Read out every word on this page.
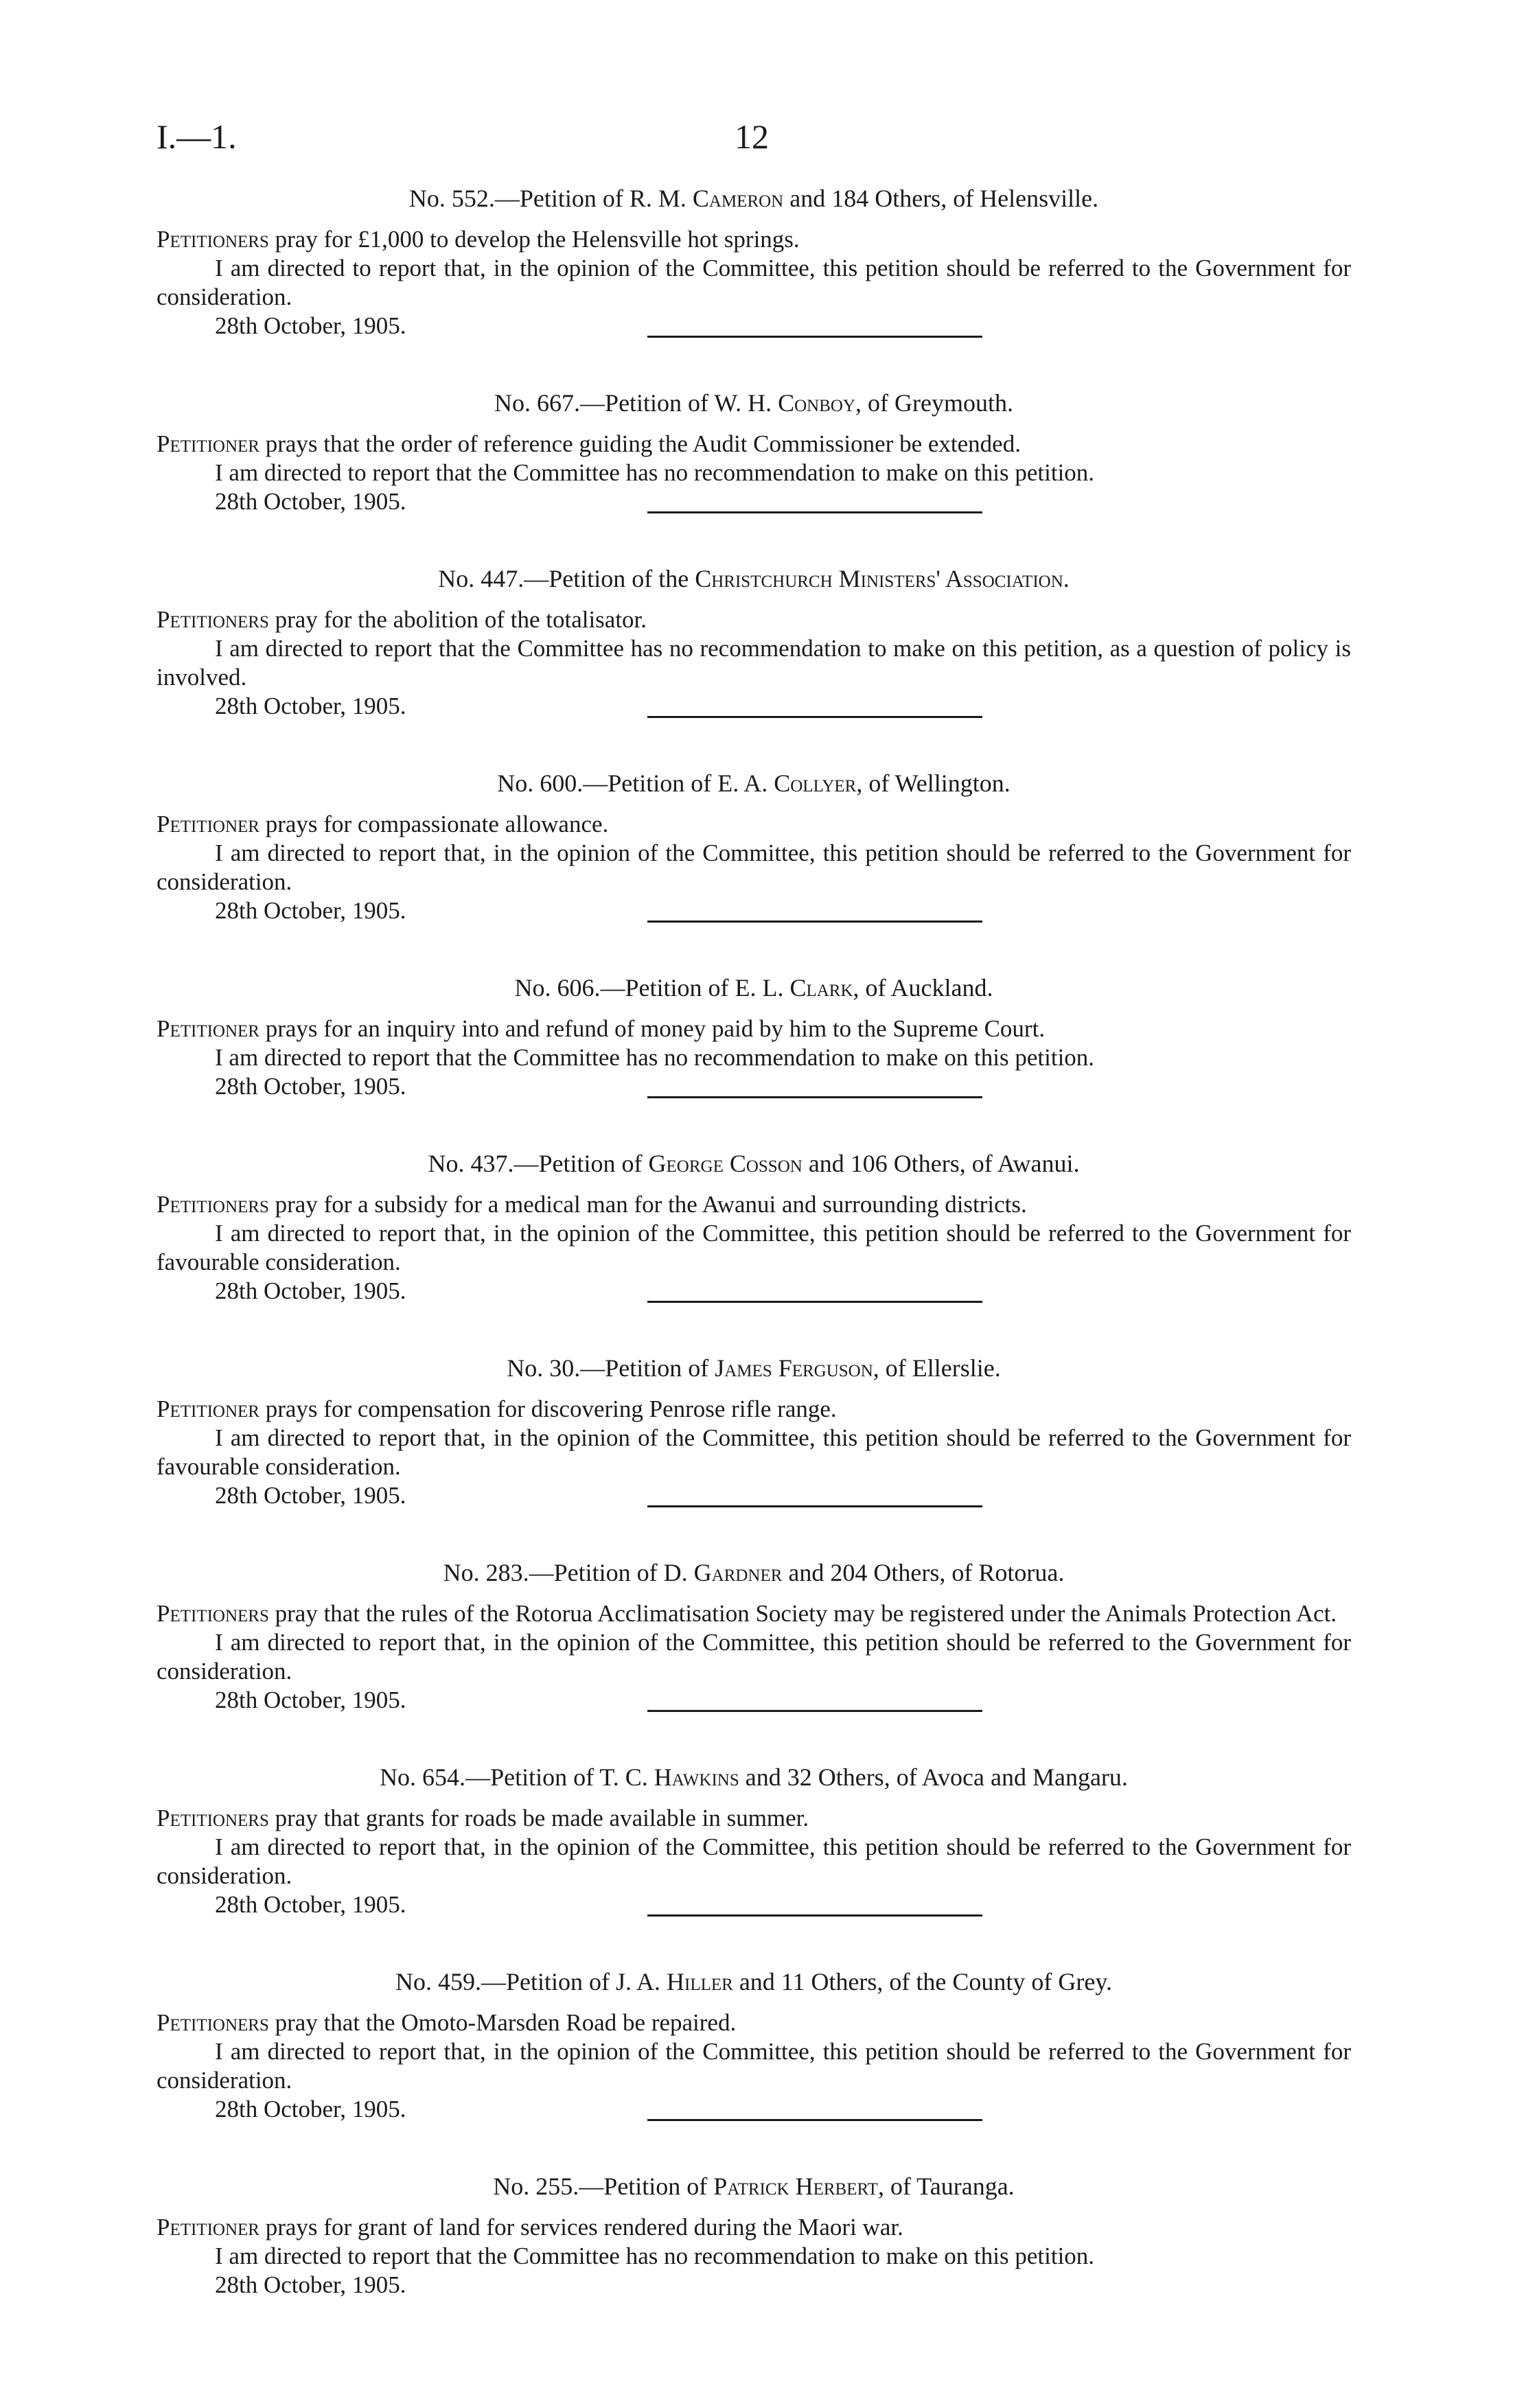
I.—1.	12
No. 552.—Petition of R. M. Cameron and 184 Others, of Helensville.

Petitioners pray for £1,000 to develop the Helensville hot springs.

I am directed to report that, in the opinion of the Committee, this petition should be referred to the Government for consideration.

28th October, 1905.
No. 667.—Petition of W. H. Conboy, of Greymouth.

Petitioner prays that the order of reference guiding the Audit Commissioner be extended.

I am directed to report that the Committee has no recommendation to make on this petition.

28th October, 1905.
No. 447.—Petition of the Christchurch Ministers' Association.

Petitioners pray for the abolition of the totalisator.

I am directed to report that the Committee has no recommendation to make on this petition, as a question of policy is involved.

28th October, 1905.
No. 600.—Petition of E. A. Collyer, of Wellington.

Petitioner prays for compassionate allowance.

I am directed to report that, in the opinion of the Committee, this petition should be referred to the Government for consideration.

28th October, 1905.
No. 606.—Petition of E. L. Clark, of Auckland.

Petitioner prays for an inquiry into and refund of money paid by him to the Supreme Court.

I am directed to report that the Committee has no recommendation to make on this petition.

28th October, 1905.
No. 437.—Petition of George Cosson and 106 Others, of Awanui.

Petitioners pray for a subsidy for a medical man for the Awanui and surrounding districts.

I am directed to report that, in the opinion of the Committee, this petition should be referred to the Government for favourable consideration.

28th October, 1905.
No. 30.—Petition of James Ferguson, of Ellerslie.

Petitioner prays for compensation for discovering Penrose rifle range.

I am directed to report that, in the opinion of the Committee, this petition should be referred to the Government for favourable consideration.

28th October, 1905.
No. 283.—Petition of D. Gardner and 204 Others, of Rotorua.

Petitioners pray that the rules of the Rotorua Acclimatisation Society may be registered under the Animals Protection Act.

I am directed to report that, in the opinion of the Committee, this petition should be referred to the Government for consideration.

28th October, 1905.
No. 654.—Petition of T. C. Hawkins and 32 Others, of Avoca and Mangaru.

Petitioners pray that grants for roads be made available in summer.

I am directed to report that, in the opinion of the Committee, this petition should be referred to the Government for consideration.

28th October, 1905.
No. 459.—Petition of J. A. Hiller and 11 Others, of the County of Grey.

Petitioners pray that the Omoto-Marsden Road be repaired.

I am directed to report that, in the opinion of the Committee, this petition should be referred to the Government for consideration.

28th October, 1905.
No. 255.—Petition of Patrick Herbert, of Tauranga.

Petitioner prays for grant of land for services rendered during the Maori war.

I am directed to report that the Committee has no recommendation to make on this petition.

28th October, 1905.
